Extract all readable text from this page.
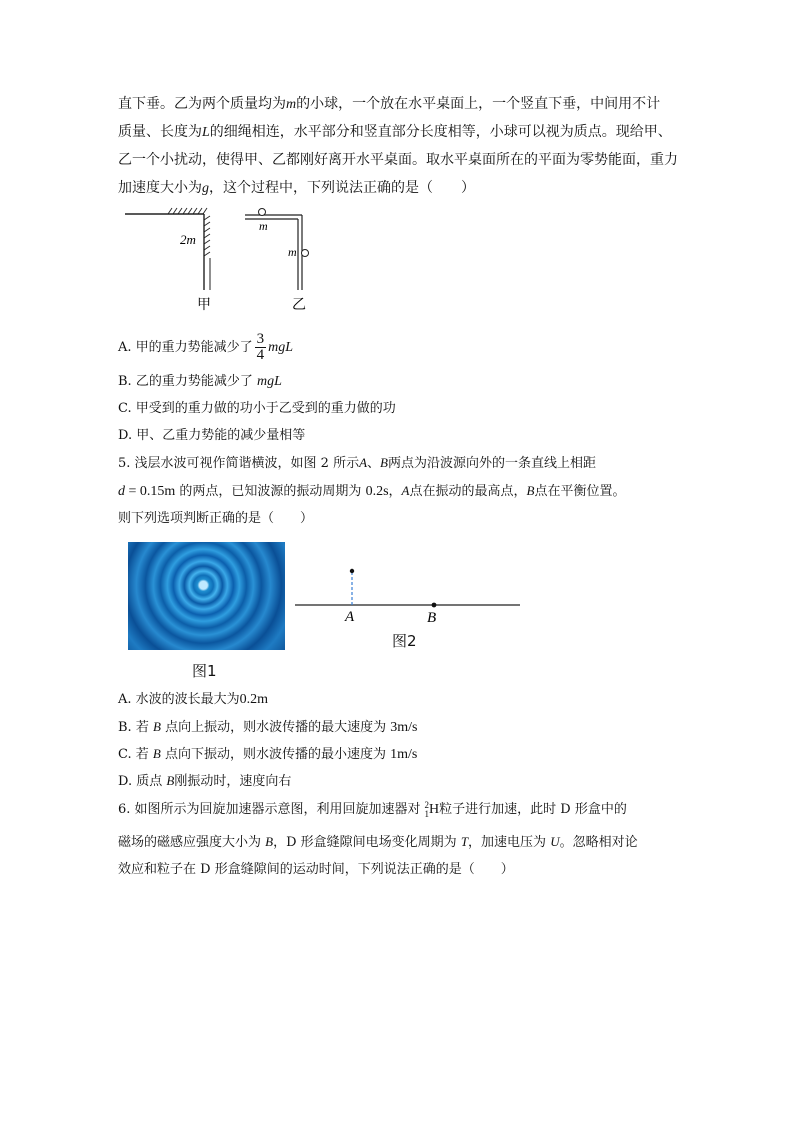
直下垂。乙为两个质量均为m的小球，一个放在水平桌面上，一个竖直下垂，中间用不计
质量、长度为L的细绳相连，水平部分和竖直部分长度相等，小球可以视为质点。现给甲、
乙一个小扰动，使得甲、乙都刚好离开水平桌面。取水平桌面所在的平面为零势能面，重力
加速度大小为g，这个过程中，下列说法正确的是（　　）
2m
甲
m
m
乙
A. 甲的重力势能减少了 $\frac{3}{4}$ mgL
B. 乙的重力势能减少了 mgL
C. 甲受到的重力做的功小于乙受到的重力做的功
D. 甲、乙重力势能的减少量相等
5. 浅层水波可视作简谐横波，如图 2 所示A、B两点为沿波源向外的一条直线上相距
d = 0.15m 的两点，已知波源的振动周期为 0.2s，A点在振动的最高点，B点在平衡位置。
则下列选项判断正确的是（　　）
图1
A	B
图2
A. 水波的波长最大为0.2m
B. 若 B 点向上振动，则水波传播的最大速度为 3m/s
C. 若 B 点向下振动，则水波传播的最小速度为 1m/s
D. 质点 B刚振动时，速度向右
6. 如图所示为回旋加速器示意图，利用回旋加速器对 2
1 H粒子进行加速，此时 D 形盒中的
磁场的磁感应强度大小为 B，D 形盒缝隙间电场变化周期为 T，加速电压为 U。忽略相对论
效应和粒子在 D 形盒缝隙间的运动时间，下列说法正确的是（　　）
